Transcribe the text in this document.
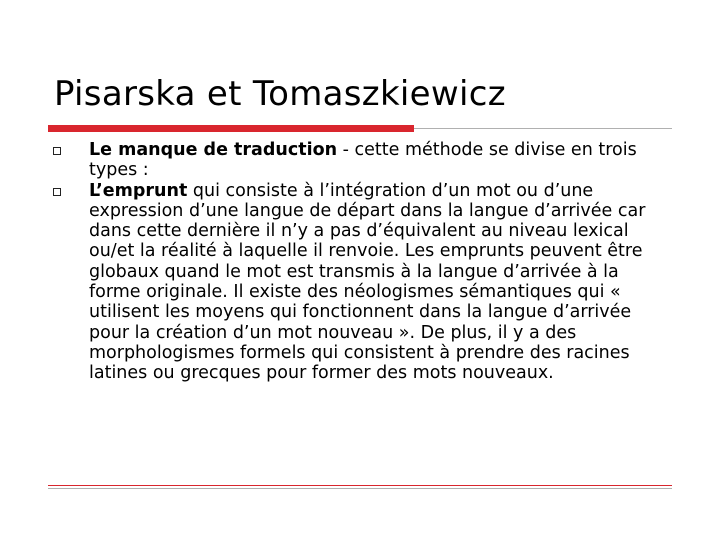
Pisarska et Tomaszkiewicz
Le manque de traduction - cette méthode se divise en trois types :
L’emprunt qui consiste à l’intégration d’un mot ou d’une expression d’une langue de départ dans la langue d’arrivée car dans cette dernière il n’y a pas d’équivalent au niveau lexical ou/et la réalité à laquelle il renvoie. Les emprunts peuvent être globaux quand le mot est transmis à la langue d’arrivée à la forme originale. Il existe des néologismes sémantiques qui « utilisent les moyens qui fonctionnent dans la langue d’arrivée pour la création d’un mot nouveau ». De plus, il y a des morphologismes formels qui consistent à prendre des racines latines ou grecques pour former des mots nouveaux.
